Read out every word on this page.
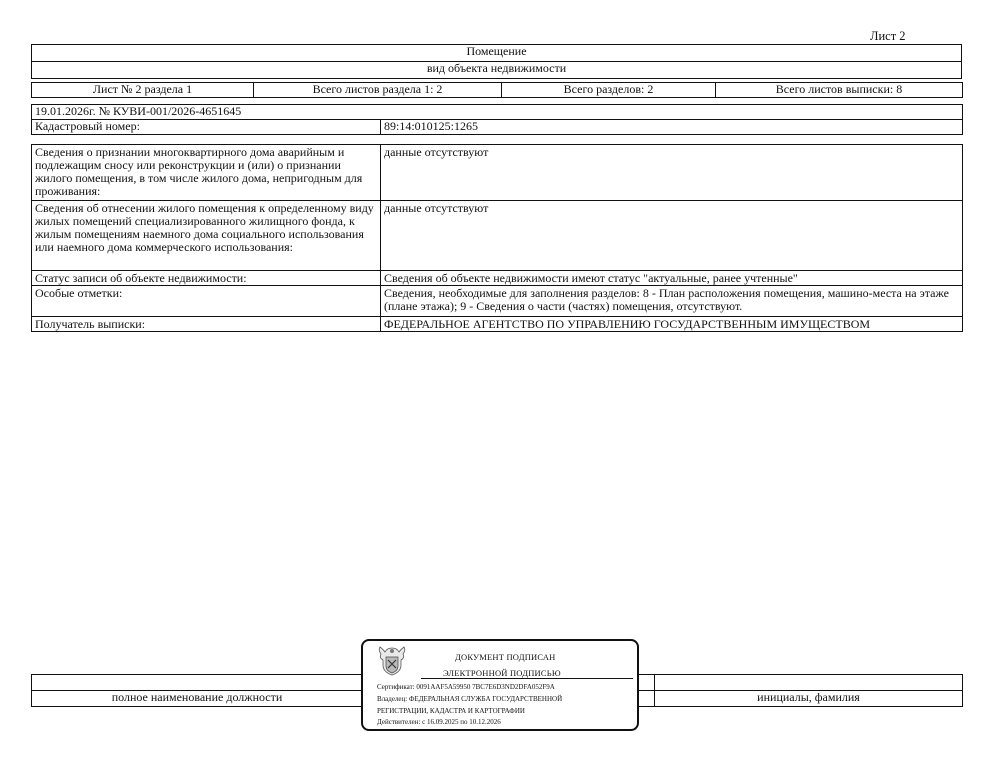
Лист 2
Помещение
вид объекта недвижимости
Лист № 2 раздела 1	Всего листов раздела 1: 2	Всего разделов: 2	Всего листов выписки: 8
19.01.2026г. № КУВИ-001/2026-4651645
Кадастровый номер:	89:14:010125:1265
Сведения о признании многоквартирного дома аварийным и подлежащим сносу или реконструкции и (или) о признании жилого помещения, в том числе жилого дома, непригодным для проживания:	данные отсутствуют
Сведения об отнесении жилого помещения к определенному виду жилых помещений специализированного жилищного фонда, к жилым помещениям наемного дома социального использования или наемного дома коммерческого использования:	данные отсутствуют
Статус записи об объекте недвижимости:	Сведения об объекте недвижимости имеют статус "актуальные, ранее учтенные"
Особые отметки:	Сведения, необходимые для заполнения разделов: 8 - План расположения помещения, машино-места на этаже (плане этажа); 9 - Сведения о части (частях) помещения, отсутствуют.
Получатель выписки:	ФЕДЕРАЛЬНОЕ АГЕНТСТВО ПО УПРАВЛЕНИЮ ГОСУДАРСТВЕННЫМ ИМУЩЕСТВОМ

полное наименование должности		инициалы, фамилия
ДОКУМЕНТ ПОДПИСАН
ЭЛЕКТРОННОЙ ПОДПИСЬЮ
Сертификат: 0091AAF5A59950 7BC7E6D3ND2DFA052F9A
Владелец: ФЕДЕРАЛЬНАЯ СЛУЖБА ГОСУДАРСТВЕННОЙ
РЕГИСТРАЦИИ, КАДАСТРА И КАРТОГРАФИИ
Действителен: с 16.09.2025 по 10.12.2026
